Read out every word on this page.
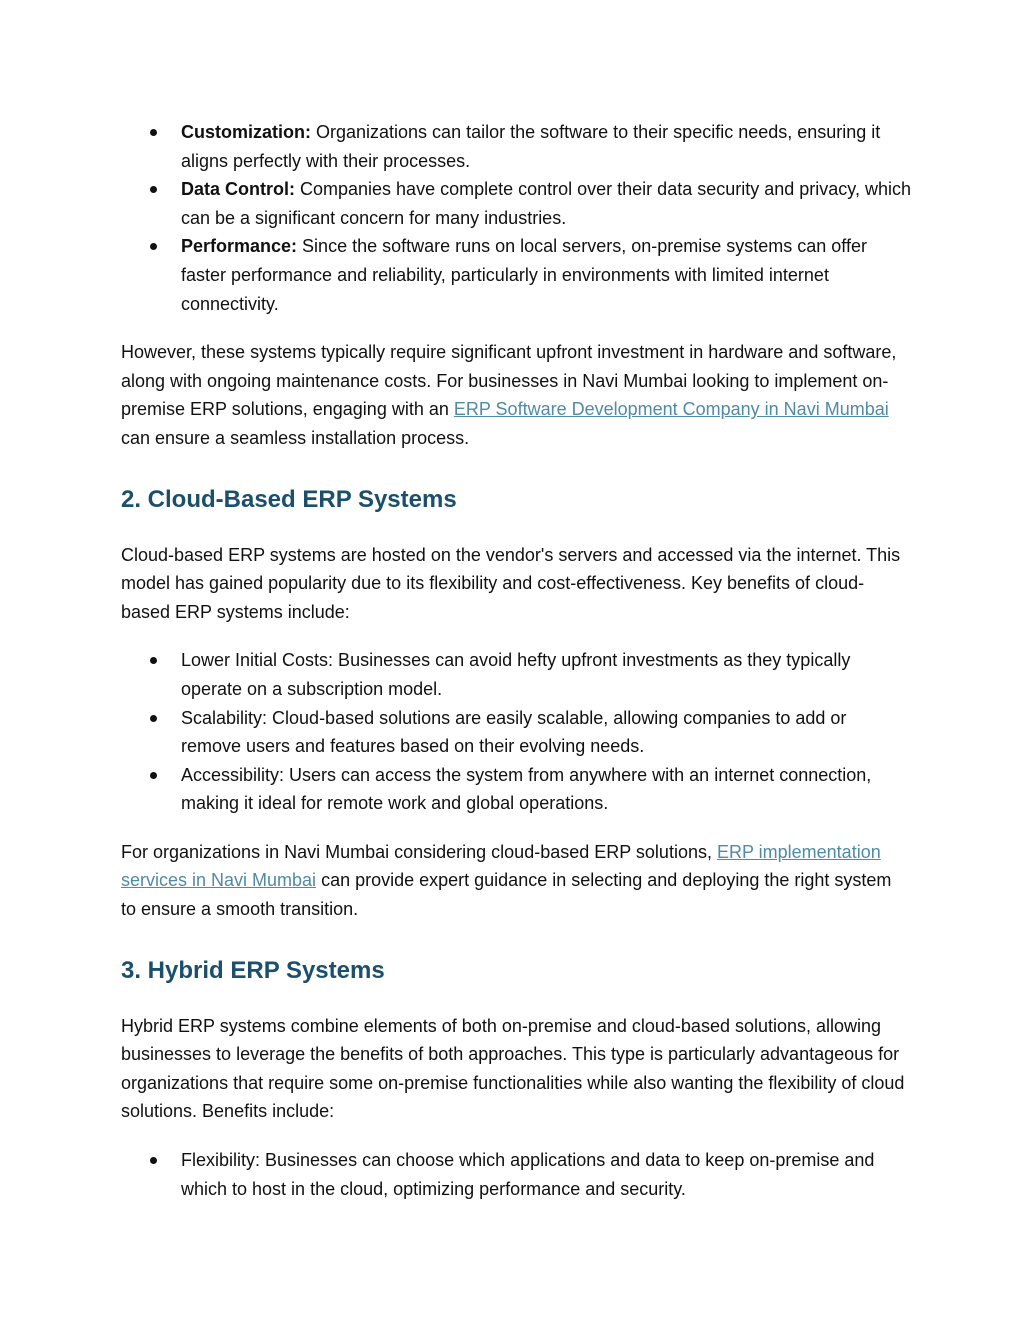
Customization: Organizations can tailor the software to their specific needs, ensuring it aligns perfectly with their processes.
Data Control: Companies have complete control over their data security and privacy, which can be a significant concern for many industries.
Performance: Since the software runs on local servers, on-premise systems can offer faster performance and reliability, particularly in environments with limited internet connectivity.

However, these systems typically require significant upfront investment in hardware and software, along with ongoing maintenance costs. For businesses in Navi Mumbai looking to implement on-premise ERP solutions, engaging with an ERP Software Development Company in Navi Mumbai can ensure a seamless installation process.

2. Cloud-Based ERP Systems

Cloud-based ERP systems are hosted on the vendor's servers and accessed via the internet. This model has gained popularity due to its flexibility and cost-effectiveness. Key benefits of cloud-based ERP systems include:

Lower Initial Costs: Businesses can avoid hefty upfront investments as they typically operate on a subscription model.
Scalability: Cloud-based solutions are easily scalable, allowing companies to add or remove users and features based on their evolving needs.
Accessibility: Users can access the system from anywhere with an internet connection, making it ideal for remote work and global operations.

For organizations in Navi Mumbai considering cloud-based ERP solutions, ERP implementation services in Navi Mumbai can provide expert guidance in selecting and deploying the right system to ensure a smooth transition.

3. Hybrid ERP Systems

Hybrid ERP systems combine elements of both on-premise and cloud-based solutions, allowing businesses to leverage the benefits of both approaches. This type is particularly advantageous for organizations that require some on-premise functionalities while also wanting the flexibility of cloud solutions. Benefits include:

Flexibility: Businesses can choose which applications and data to keep on-premise and which to host in the cloud, optimizing performance and security.
